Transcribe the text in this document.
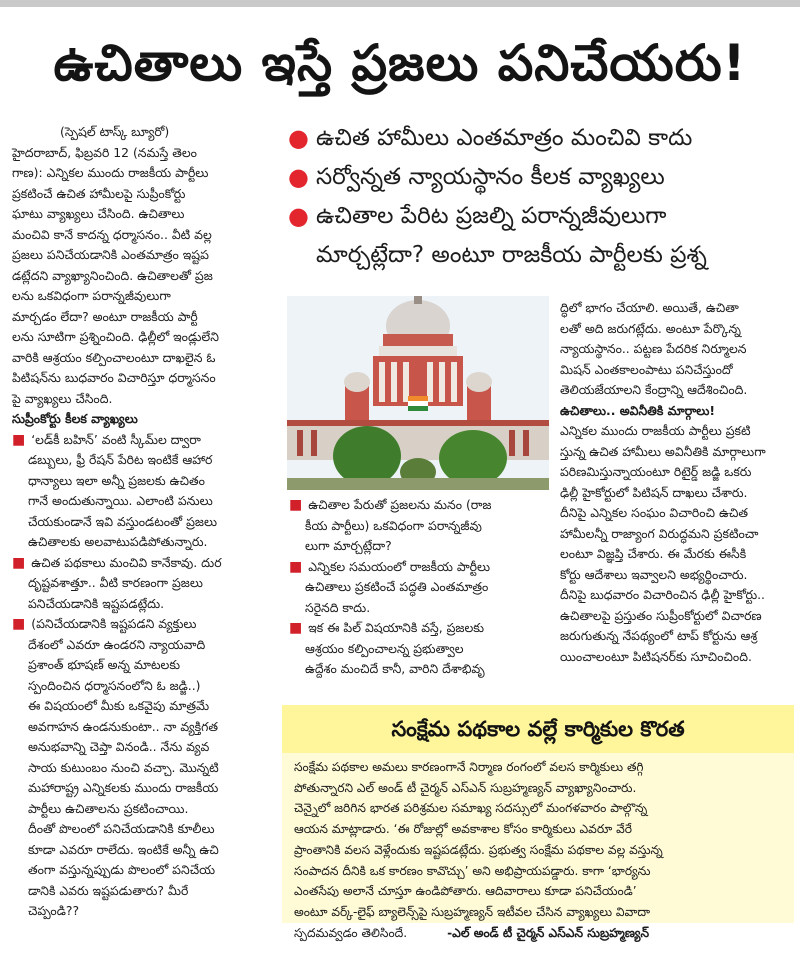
ఉచితాలు ఇస్తే ప్రజలు పనిచేయరు!

● ఉచిత హామీలు ఎంతమాత్రం మంచివి కాదు

● సర్వోన్నత న్యాయస్థానం కీలక వ్యాఖ్యలు

● ఉచితాల పేరిట ప్రజల్ని పరాన్నజీవులుగా

మార్చట్లేదా? అంటూ రాజకీయ పార్టీలకు ప్రశ్న

(స్పెషల్ టాస్క్ బ్యూరో)

హైదరాబాద్, ఫిబ్రవరి 12 (నమస్తే తెలం

గాణ): ఎన్నికల ముందు రాజకీయ పార్టీలు

ప్రకటించే ఉచిత హామీలపై సుప్రీంకోర్టు

ఘాటు వ్యాఖ్యలు చేసింది. ఉచితాలు

మంచివి కానే కాదన్న ధర్మాసనం.. వీటి వల్ల

ప్రజలు పనిచేయడానికి ఎంతమాత్రం ఇష్టప

డట్లేదని వ్యాఖ్యానించింది. ఉచితాలతో ప్రజ

లను ఒకవిధంగా పరాన్నజీవులుగా

మార్చడం లేదా? అంటూ రాజకీయ పార్టీ

లను సూటిగా ప్రశ్నించింది. ఢిల్లీలో ఇండ్లులేని

వారికి ఆశ్రయం కల్పించాలంటూ దాఖలైన ఓ

పిటిషన్‌ను బుధవారం విచారిస్తూ ధర్మాసనం

పై వ్యాఖ్యలు చేసింది.

సుప్రీంకోర్టు కీలక వ్యాఖ్యలు

■ ‘లడ్‌కీ బహిన్’ వంటి స్కీమ్‌ల ద్వారా

డబ్బులు, ఫ్రీ రేషన్ పేరిట ఇంటికే ఆహార

ధాన్యాలు ఇలా అన్నీ ప్రజలకు ఉచితం

గానే అందుతున్నాయి. ఎలాంటి పనులు

చేయకుండానే ఇవి వస్తుండటంతో ప్రజలు

ఉచితాలకు అలవాటుపడిపోతున్నారు.

■ ఉచిత పథకాలు మంచివి కానేకావు. దుర

దృష్టవశాత్తూ.. వీటి కారణంగా ప్రజలు

పనిచేయడానికి ఇష్టపడట్లేదు.

■ (పనిచేయడానికి ఇష్టపడని వ్యక్తులు

దేశంలో ఎవరూ ఉండరని న్యాయవాది

ప్రశాంత్ భూషణ్ అన్న మాటలకు

స్పందించిన ధర్మాసనంలోని ఓ జడ్జి..)

ఈ విషయంలో మీకు ఒకవైపు మాత్రమే

అవగాహన ఉండనుకుంటా.. నా వ్యక్తిగత

అనుభవాన్ని చెప్తా వినండి.. నేను వ్యవ

సాయ కుటుంబం నుంచి వచ్చా. మొన్నటి

మహారాష్ట్ర ఎన్నికలకు ముందు రాజకీయ

పార్టీలు ఉచితాలను ప్రకటించాయి.

దీంతో పొలంలో పనిచేయడానికి కూలీలు

కూడా ఎవరూ రాలేదు. ఇంటికే అన్నీ ఉచి

తంగా వస్తున్నప్పుడు పొలంలో పనిచేయ

డానికి ఎవరు ఇష్టపడుతారు? మీరే

చెప్పండి??

■ ఉచితాల పేరుతో ప్రజలను మనం (రాజ

కీయ పార్టీలు) ఒకవిధంగా పరాన్నజీవు

లుగా మార్చట్లేదా?

■ ఎన్నికల సమయంలో రాజకీయ పార్టీలు

ఉచితాలు ప్రకటించే పద్ధతి ఎంతమాత్రం

సరైనది కాదు.

■ ఇక ఈ పిల్ విషయానికి వస్తే, ప్రజలకు

ఆశ్రయం కల్పించాలన్న ప్రభుత్వాల

ఉద్దేశం మంచిదే కానీ, వారిని దేశాభివృ

ద్ధిలో భాగం చేయాలి. అయితే, ఉచితా

లతో అది జరుగట్లేదు. అంటూ పేర్కొన్న

న్యాయస్థానం.. పట్టణ పేదరిక నిర్మూలన

మిషన్ ఎంతకాలంపాటు పనిచేస్తుందో

తెలియజేయాలని కేంద్రాన్ని ఆదేశించింది.

ఉచితాలు.. అవినీతికి మార్గాలు!

ఎన్నికల ముందు రాజకీయ పార్టీలు ప్రకటి

స్తున్న ఉచిత హామీలు అవినీతికి మార్గాలుగా

పరిణమిస్తున్నాయంటూ రిటైర్డ్ జడ్జి ఒకరు

ఢిల్లీ హైకోర్టులో పిటిషన్ దాఖలు చేశారు.

దీనిపై ఎన్నికల సంఘం విచారించి ఉచిత

హామీలన్నీ రాజ్యాంగ విరుద్ధమని ప్రకటించా

లంటూ విజ్ఞప్తి చేశారు. ఈ మేరకు ఈసీకి

కోర్టు ఆదేశాలు ఇవ్వాలని అభ్యర్థించారు.

దీనిపై బుధవారం విచారించిన ఢిల్లీ హైకోర్టు..

ఉచితాలపై ప్రస్తుతం సుప్రీంకోర్టులో విచారణ

జరుగుతున్న నేపథ్యంలో టాప్ కోర్టును ఆశ్ర

యించాలంటూ పిటిషనర్‌కు సూచించింది.

సంక్షేమ పథకాల వల్లే కార్మికుల కొరత

సంక్షేమ పథకాల అమలు కారణంగానే నిర్మాణ రంగంలో వలస కార్మికులు తగ్గి

పోతున్నారని ఎల్ అండ్ టీ చైర్మన్ ఎస్ఎన్ సుబ్రహ్మణ్యన్ వ్యాఖ్యానించారు.

చెన్నైలో జరిగిన భారత పరిశ్రమల సమాఖ్య సదస్సులో మంగళవారం పాల్గొన్న

ఆయన మాట్లాడారు. ‘ఈ రోజుల్లో అవకాశాల కోసం కార్మికులు ఎవరూ వేరే

ప్రాంతానికి వలస వెళ్లేందుకు ఇష్టపడట్లేదు. ప్రభుత్వ సంక్షేమ పథకాల వల్ల వస్తున్న

సంపాదన దీనికి ఒక కారణం కావొచ్చు’ అని అభిప్రాయపడ్డారు. కాగా ‘భార్యను

ఎంతసేపు అలానే చూస్తూ ఉండిపోతారు. ఆదివారాలు కూడా పనిచేయండి’

అంటూ వర్క్-లైఫ్ బ్యాలెన్స్‌పై సుబ్రహ్మణ్యన్ ఇటీవల చేసిన వ్యాఖ్యలు వివాదా

స్పదమవ్వడం తెలిసిందే.	-ఎల్ అండ్ టీ చైర్మన్ ఎస్ఎన్ సుబ్రహ్మణ్యన్
